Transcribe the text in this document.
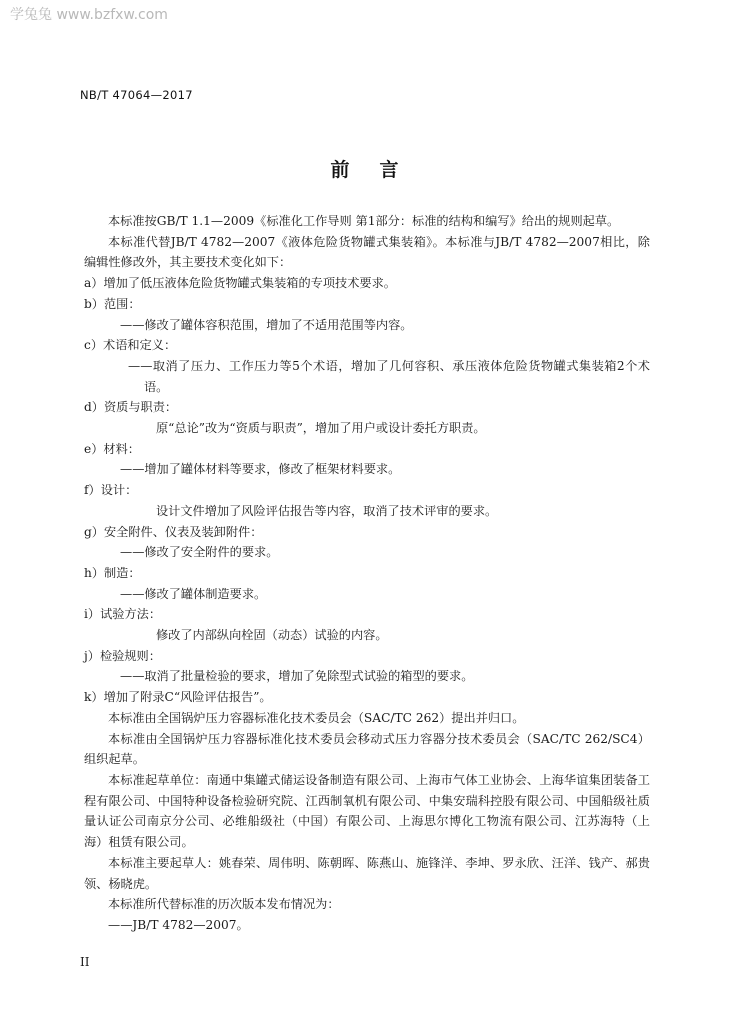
学兔兔 www.bzfxw.com
NB/T 47064—2017
前言

本标准按GB/T 1.1—2009《标准化工作导则 第1部分：标准的结构和编写》给出的规则起草。

本标准代替JB/T 4782—2007《液体危险货物罐式集装箱》。本标准与JB/T 4782—2007相比，除编辑性修改外，其主要技术变化如下：

a）增加了低压液体危险货物罐式集装箱的专项技术要求。

b）范围：

——修改了罐体容积范围，增加了不适用范围等内容。

c）术语和定义：

——取消了压力、工作压力等5个术语，增加了几何容积、承压液体危险货物罐式集装箱2个术语。

d）资质与职责：

原“总论”改为“资质与职责”，增加了用户或设计委托方职责。

e）材料：

——增加了罐体材料等要求，修改了框架材料要求。

f）设计：

设计文件增加了风险评估报告等内容，取消了技术评审的要求。

g）安全附件、仪表及装卸附件：

——修改了安全附件的要求。

h）制造：

——修改了罐体制造要求。

i）试验方法：

修改了内部纵向栓固（动态）试验的内容。

j）检验规则：

——取消了批量检验的要求，增加了免除型式试验的箱型的要求。

k）增加了附录C“风险评估报告”。

本标准由全国锅炉压力容器标准化技术委员会（SAC/TC 262）提出并归口。

本标准由全国锅炉压力容器标准化技术委员会移动式压力容器分技术委员会（SAC/TC 262/SC4）组织起草。

本标准起草单位：南通中集罐式储运设备制造有限公司、上海市气体工业协会、上海华谊集团装备工程有限公司、中国特种设备检验研究院、江西制氧机有限公司、中集安瑞科控股有限公司、中国船级社质量认证公司南京分公司、必维船级社（中国）有限公司、上海思尔博化工物流有限公司、江苏海特（上海）租赁有限公司。

本标准主要起草人：姚春荣、周伟明、陈朝晖、陈燕山、施锋洋、李坤、罗永欣、汪洋、钱产、郝贵领、杨晓虎。

本标准所代替标准的历次版本发布情况为：

——JB/T 4782—2007。

II
